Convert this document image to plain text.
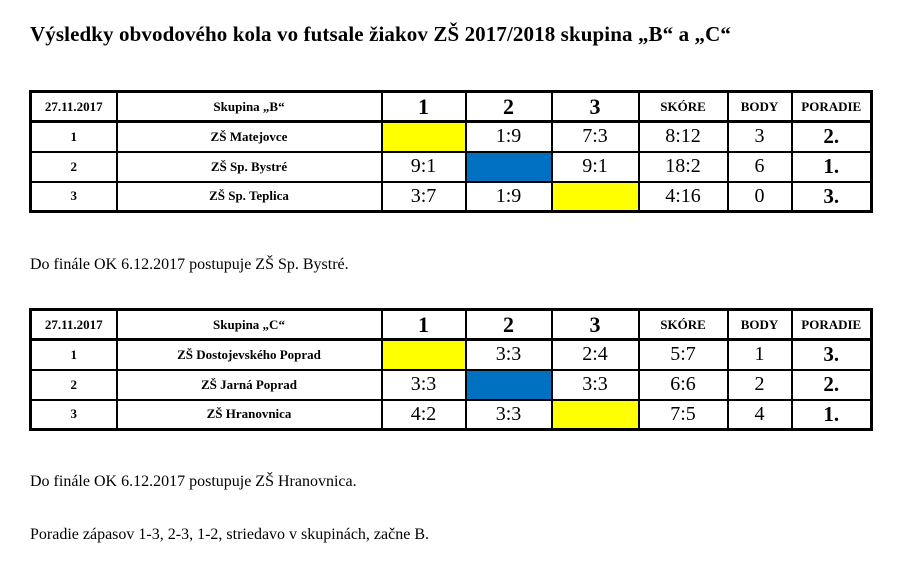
Výsledky obvodového kola vo futsale žiakov ZŠ 2017/2018 skupina „B“ a „C“
27.11.2017	Skupina „B“	1	2	3	SKÓRE	BODY	PORADIE
1	ZŠ Matejovce		1:9	7:3	8:12	3	2.
2	ZŠ Sp. Bystré	9:1		9:1	18:2	6	1.
3	ZŠ Sp. Teplica	3:7	1:9		4:16	0	3.
Do finále OK 6.12.2017 postupuje ZŠ Sp. Bystré.
27.11.2017	Skupina „C“	1	2	3	SKÓRE	BODY	PORADIE
1	ZŠ Dostojevského Poprad		3:3	2:4	5:7	1	3.
2	ZŠ Jarná Poprad	3:3		3:3	6:6	2	2.
3	ZŠ Hranovnica	4:2	3:3		7:5	4	1.
Do finále OK 6.12.2017 postupuje ZŠ Hranovnica.
Poradie zápasov 1-3, 2-3, 1-2, striedavo v skupinách, začne B.
